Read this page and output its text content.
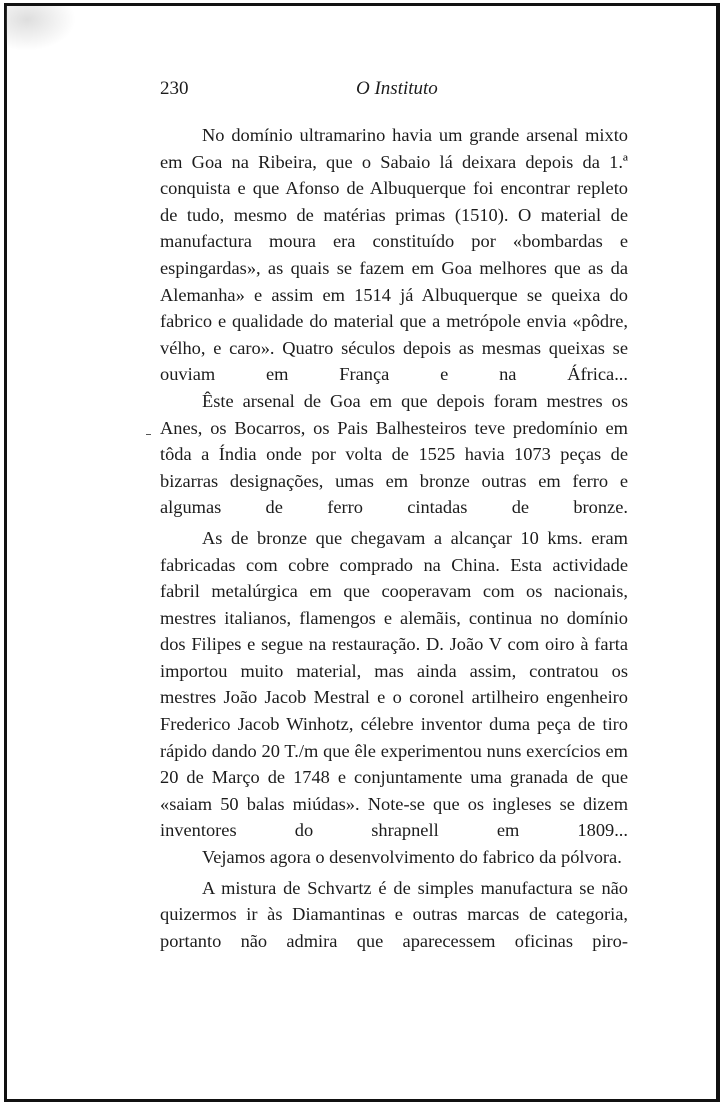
230	O Instituto

No domínio ultramarino havia um grande arsenal mixto em Goa na Ribeira, que o Sabaio lá deixara depois da 1.ª conquista e que Afonso de Albuquerque foi encontrar repleto de tudo, mesmo de matérias primas (1510). O material de manufactura moura era constituído por «bombardas e espingardas», as quais se fazem em Goa melhores que as da Alemanha» e assim em 1514 já Albuquerque se queixa do fabrico e qualidade do material que a metrópole envia «pôdre, vélho, e caro». Quatro séculos depois as mesmas queixas se ouviam em França e na África...

Êste arsenal de Goa em que depois foram mestres os Anes, os Bocarros, os Pais Balhesteiros teve predomínio em tôda a Índia onde por volta de 1525 havia 1073 peças de bizarras designações, umas em bronze outras em ferro e algumas de ferro cintadas de bronze.

As de bronze que chegavam a alcançar 10 kms. eram fabricadas com cobre comprado na China. Esta actividade fabril metalúrgica em que cooperavam com os nacionais, mestres italianos, flamengos e alemãis, continua no domínio dos Filipes e segue na restauração. D. João V com oiro à farta importou muito material, mas ainda assim, contratou os mestres João Jacob Mestral e o coronel artilheiro engenheiro Frederico Jacob Winhotz, célebre inventor duma peça de tiro rápido dando 20 T./m que êle experimentou nuns exercícios em 20 de Março de 1748 e conjuntamente uma granada de que «saiam 50 balas miúdas». Note-se que os ingleses se dizem inventores do shrapnell em 1809...

Vejamos agora o desenvolvimento do fabrico da pólvora.

A mistura de Schvartz é de simples manufactura se não quizermos ir às Diamantinas e outras marcas de categoria, portanto não admira que aparecessem oficinas piro-
